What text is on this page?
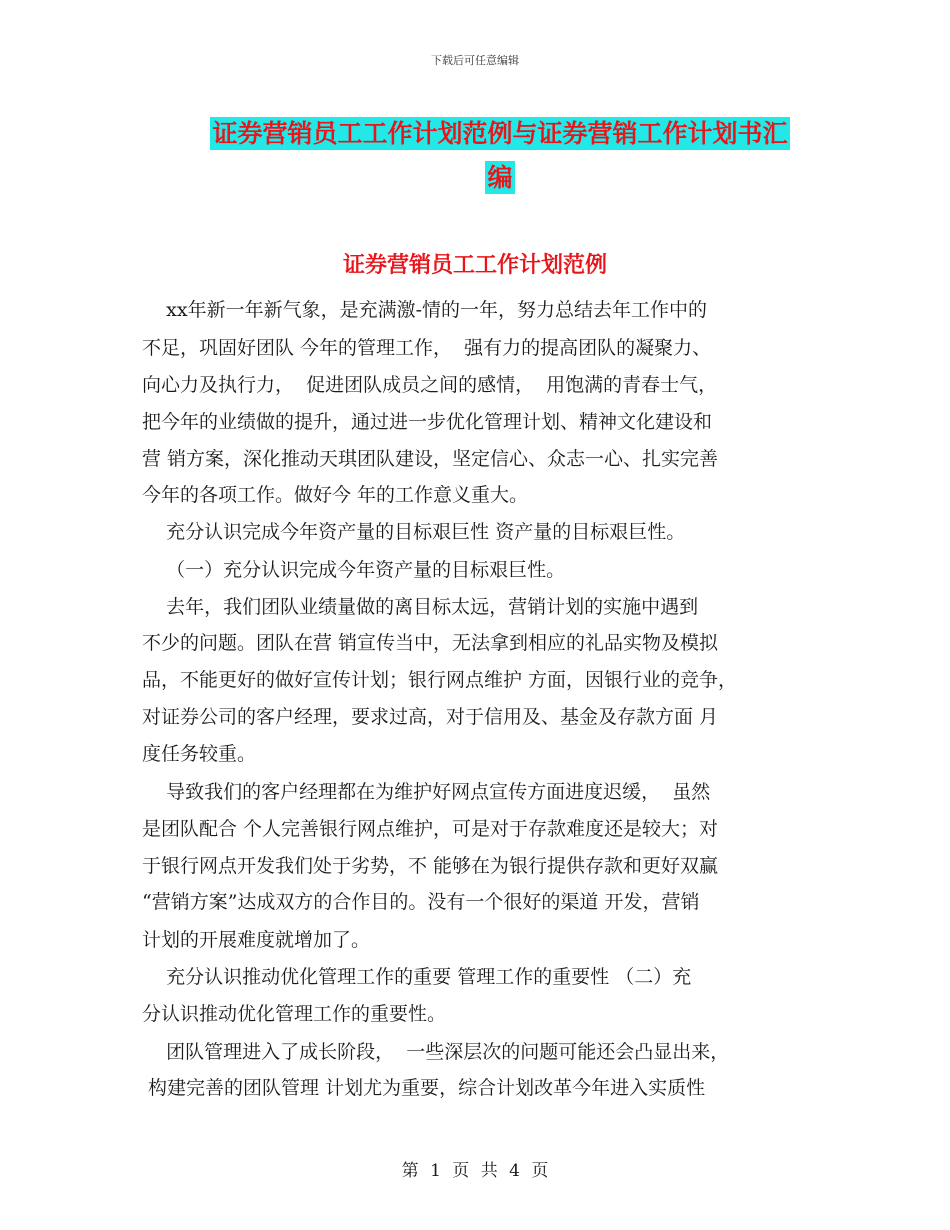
下载后可任意编辑
证券营销员工工作计划范例与证券营销工作计划书汇
编
证券营销员工工作计划范例
xx年新一年新气象，是充满激-情的一年，努力总结去年工作中的
不足，巩固好团队 今年的管理工作，  强有力的提高团队的凝聚力、
向心力及执行力，  促进团队成员之间的感情，  用饱满的青春士气，
把今年的业绩做的提升，通过进一步优化管理计划、精神文化建设和
营 销方案，深化推动天琪团队建设，坚定信心、众志一心、扎实完善
今年的各项工作。做好今 年的工作意义重大。
充分认识完成今年资产量的目标艰巨性 资产量的目标艰巨性。
（一）充分认识完成今年资产量的目标艰巨性。
去年，我们团队业绩量做的离目标太远，营销计划的实施中遇到
不少的问题。团队在营 销宣传当中，无法拿到相应的礼品实物及模拟
品，不能更好的做好宣传计划；银行网点维护 方面，因银行业的竞争，
对证券公司的客户经理，要求过高，对于信用及、基金及存款方面 月
度任务较重。
导致我们的客户经理都在为维护好网点宣传方面进度迟缓，  虽然
是团队配合 个人完善银行网点维护，可是对于存款难度还是较大；对
于银行网点开发我们处于劣势，不 能够在为银行提供存款和更好双赢
“营销方案”达成双方的合作目的。没有一个很好的渠道 开发，营销
计划的开展难度就增加了。
充分认识推动优化管理工作的重要 管理工作的重要性 （二）充
分认识推动优化管理工作的重要性。
团队管理进入了成长阶段，  一些深层次的问题可能还会凸显出来，
构建完善的团队管理 计划尤为重要，综合计划改革今年进入实质性
第 1 页 共 4 页
